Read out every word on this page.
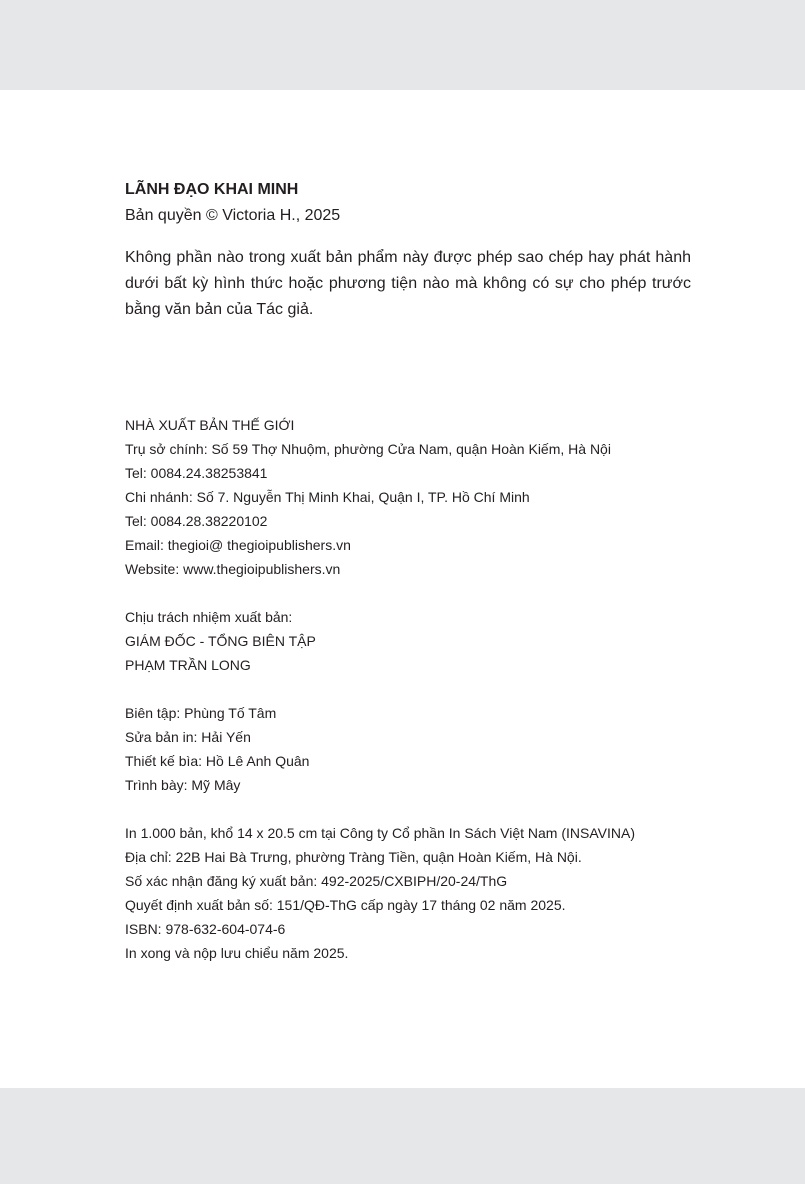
LÃNH ĐẠO KHAI MINH
Bản quyền © Victoria H., 2025

Không phần nào trong xuất bản phẩm này được phép sao chép hay phát hành dưới bất kỳ hình thức hoặc phương tiện nào mà không có sự cho phép trước bằng văn bản của Tác giả.

NHÀ XUẤT BẢN THẾ GIỚI
Trụ sở chính: Số 59 Thợ Nhuộm, phường Cửa Nam, quận Hoàn Kiếm, Hà Nội
Tel: 0084.24.38253841
Chi nhánh: Số 7. Nguyễn Thị Minh Khai, Quận I, TP. Hồ Chí Minh
Tel: 0084.28.38220102
Email: thegioi@ thegioipublishers.vn
Website: www.thegioipublishers.vn
Chịu trách nhiệm xuất bản:
GIÁM ĐỐC - TỔNG BIÊN TẬP
PHẠM TRẦN LONG
Biên tập: Phùng Tố Tâm
Sửa bản in: Hải Yến
Thiết kế bìa: Hồ Lê Anh Quân
Trình bày: Mỹ Mây
In 1.000 bản, khổ 14 x 20.5 cm tại Công ty Cổ phần In Sách Việt Nam (INSAVINA)
Địa chỉ: 22B Hai Bà Trưng, phường Tràng Tiền, quận Hoàn Kiếm, Hà Nội.
Số xác nhận đăng ký xuất bản: 492-2025/CXBIPH/20-24/ThG
Quyết định xuất bản số: 151/QĐ-ThG cấp ngày 17 tháng 02 năm 2025.
ISBN: 978-632-604-074-6
In xong và nộp lưu chiểu năm 2025.
